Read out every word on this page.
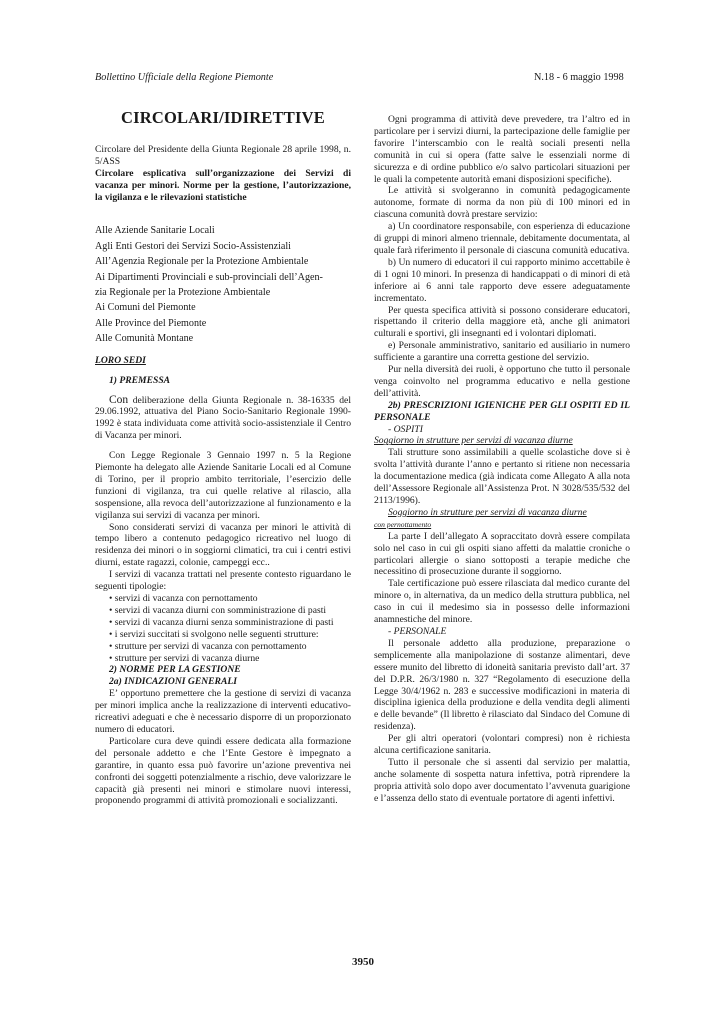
Bollettino Ufficiale della Regione Piemonte	N.18 - 6 maggio 1998
CIRCOLARI/IDIRETTIVE

Circolare del Presidente della Giunta Regionale 28 aprile 1998, n. 5/ASS

Circolare esplicativa sull’organizzazione dei Servizi di vacanza per minori. Norme per la gestione, l’autorizzazione, la vigilanza e le rilevazioni statistiche

Alle Aziende Sanitarie Locali
Agli Enti Gestori dei Servizi Socio-Assistenziali
All’Agenzia Regionale per la Protezione Ambientale
Ai Dipartimenti Provinciali e sub-provinciali dell’Agen-
zia Regionale per la Protezione Ambientale
Ai Comuni del Piemonte
Alle Province del Piemonte
Alle Comunità Montane

LORO SEDI

1) PREMESSA

Con deliberazione della Giunta Regionale n. 38-16335 del 29.06.1992, attuativa del Piano Socio-Sanitario Regionale 1990-1992 è stata individuata come attività socio-assistenziale il Centro di Vacanza per minori.

Con Legge Regionale 3 Gennaio 1997 n. 5 la Regione Piemonte ha delegato alle Aziende Sanitarie Locali ed al Comune di Torino, per il proprio ambito territoriale, l’esercizio delle funzioni di vigilanza, tra cui quelle relative al rilascio, alla sospensione, alla revoca dell’autorizzazione al funzionamento e la vigilanza sui servizi di vacanza per minori.

Sono considerati servizi di vacanza per minori le attività di tempo libero a contenuto pedagogico ricreativo nel luogo di residenza dei minori o in soggiorni climatici, tra cui i centri estivi diurni, estate ragazzi, colonie, campeggi ecc..

I servizi di vacanza trattati nel presente contesto riguardano le seguenti tipologie:

• servizi di vacanza con pernottamento

• servizi di vacanza diurni con somministrazione di pasti

• servizi di vacanza diurni senza somministrazione di pasti

• i servizi succitati si svolgono nelle seguenti strutture:

• strutture per servizi di vacanza con pernottamento

• strutture per servizi di vacanza diurne

2) NORME PER LA GESTIONE

2a) INDICAZIONI GENERALI

E’ opportuno premettere che la gestione di servizi di vacanza per minori implica anche la realizzazione di interventi educativo-ricreativi adeguati e che è necessario disporre di un proporzionato numero di educatori.

Particolare cura deve quindi essere dedicata alla formazione del personale addetto e che l’Ente Gestore è impegnato a garantire, in quanto essa può favorire un’azione preventiva nei confronti dei soggetti potenzialmente a rischio, deve valorizzare le capacità già presenti nei minori e stimolare nuovi interessi, proponendo programmi di attività promozionali e socializzanti.

Ogni programma di attività deve prevedere, tra l’altro ed in particolare per i servizi diurni, la partecipazione delle famiglie per favorire l’interscambio con le realtà sociali presenti nella comunità in cui si opera (fatte salve le essenziali norme di sicurezza e di ordine pubblico e/o salvo particolari situazioni per le quali la competente autorità emani disposizioni specifiche).

Le attività si svolgeranno in comunità pedagogicamente autonome, formate di norma da non più di 100 minori ed in ciascuna comunità dovrà prestare servizio:

a) Un coordinatore responsabile, con esperienza di educazione di gruppi di minori almeno triennale, debitamente documentata, al quale farà riferimento il personale di ciascuna comunità educativa.

b) Un numero di educatori il cui rapporto minimo accettabile è di 1 ogni 10 minori. In presenza di handicappati o di minori di età inferiore ai 6 anni tale rapporto deve essere adeguatamente incrementato.

Per questa specifica attività si possono considerare educatori, rispettando il criterio della maggiore età, anche gli animatori culturali e sportivi, gli insegnanti ed i volontari diplomati.

e) Personale amministrativo, sanitario ed ausiliario in numero sufficiente a garantire una corretta gestione del servizio.

Pur nella diversità dei ruoli, è opportuno che tutto il personale venga coinvolto nel programma educativo e nella gestione dell’attività.

2b) PRESCRIZIONI IGIENICHE PER GLI OSPITI ED IL PERSONALE

- OSPITI

Soggiorno in strutture per servizi di vacanza diurne

Tali strutture sono assimilabili a quelle scolastiche dove si è svolta l’attività durante l’anno e pertanto si ritiene non necessaria la documentazione medica (già indicata come Allegato A alla nota dell’Assessore Regionale all’Assistenza Prot. N 3028/535/532 del 2113/1996).

Soggiorno in strutture per servizi di vacanza diurne

con pernottamento

La parte I dell’allegato A sopraccitato dovrà essere compilata solo nel caso in cui gli ospiti siano affetti da malattie croniche o particolari allergie o siano sottoposti a terapie mediche che necessitino di prosecuzione durante il soggiorno.

Tale certificazione può essere rilasciata dal medico curante del minore o, in alternativa, da un medico della struttura pubblica, nel caso in cui il medesimo sia in possesso delle informazioni anamnestiche del minore.

- PERSONALE

Il personale addetto alla produzione, preparazione o semplicemente alla manipolazione di sostanze alimentari, deve essere munito del libretto di idoneità sanitaria previsto dall’art. 37 del D.P.R. 26/3/1980 n. 327 “Regolamento di esecuzione della Legge 30/4/1962 n. 283 e successive modificazioni in materia di disciplina igienica della produzione e della vendita degli alimenti e delle bevande” (Il libretto è rilasciato dal Sindaco del Comune di residenza).

Per gli altri operatori (volontari compresi) non è richiesta alcuna certificazione sanitaria.

Tutto il personale che si assenti dal servizio per malattia, anche solamente di sospetta natura infettiva, potrà riprendere la propria attività solo dopo aver documentato l’avvenuta guarigione e l’assenza dello stato di eventuale portatore di agenti infettivi.

3950
